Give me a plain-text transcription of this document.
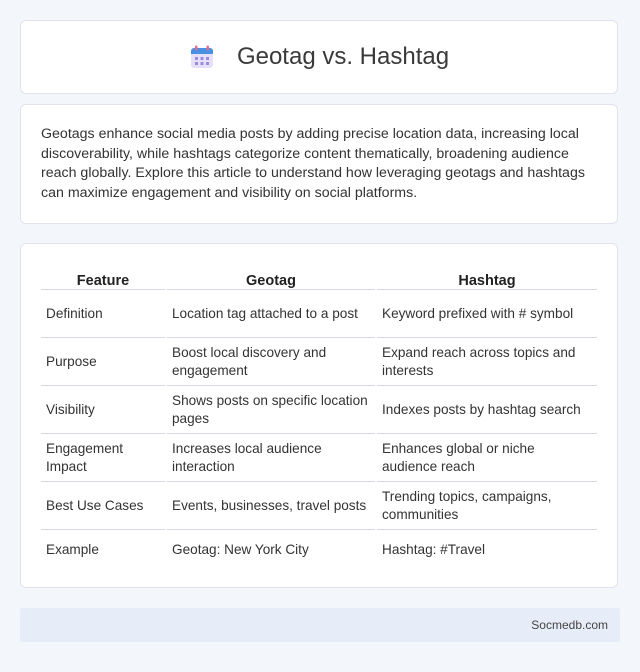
Geotag vs. Hashtag

Geotags enhance social media posts by adding precise location data, increasing local discoverability, while hashtags categorize content thematically, broadening audience reach globally. Explore this article to understand how leveraging geotags and hashtags can maximize engagement and visibility on social platforms.

Feature	Geotag	Hashtag
Definition	Location tag attached to a post	Keyword prefixed with # symbol
Purpose	Boost local discovery and engagement	Expand reach across topics and interests
Visibility	Shows posts on specific location pages	Indexes posts by hashtag search
Engagement Impact	Increases local audience interaction	Enhances global or niche audience reach
Best Use Cases	Events, businesses, travel posts	Trending topics, campaigns, communities
Example	Geotag: New York City	Hashtag: #Travel
Socmedb.com
